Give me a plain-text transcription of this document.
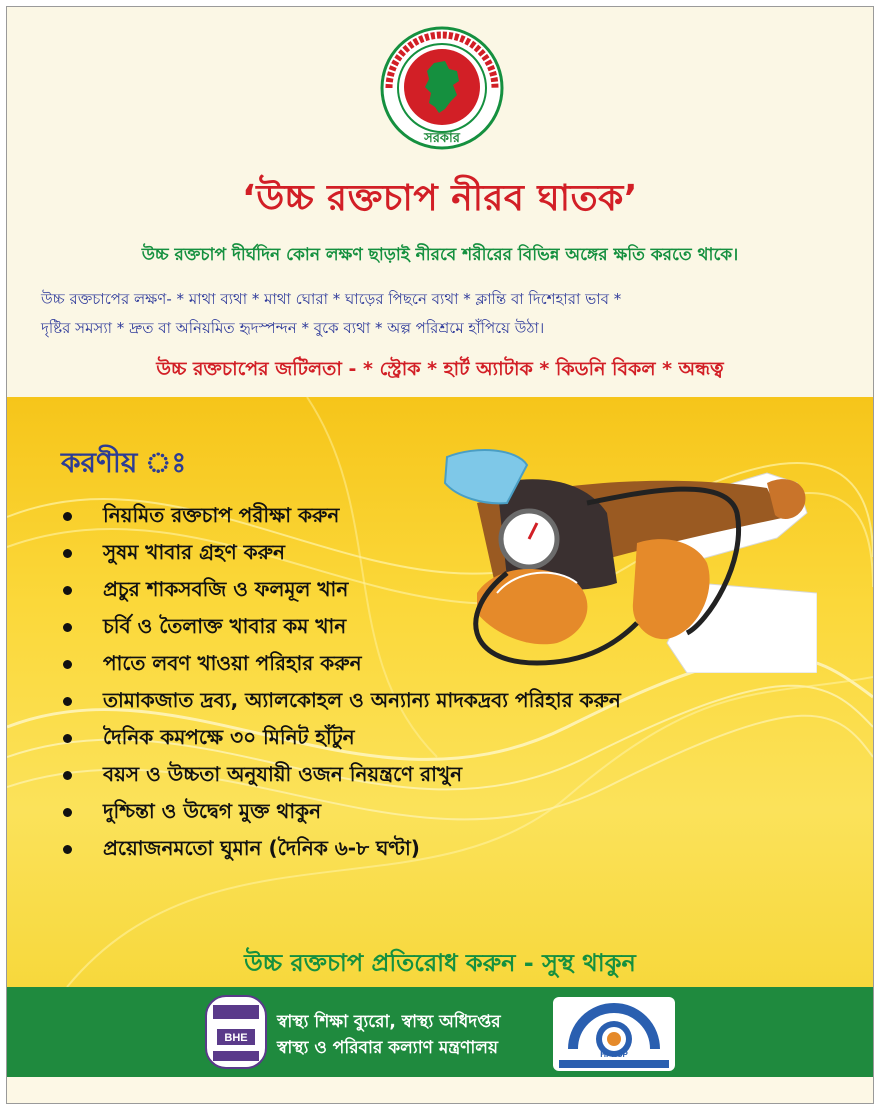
সরকার
‘উচ্চ রক্তচাপ নীরব ঘাতক’
উচ্চ রক্তচাপ দীর্ঘদিন কোন লক্ষণ ছাড়াই নীরবে শরীরের বিভিন্ন অঙ্গের ক্ষতি করতে থাকে।
উচ্চ রক্তচাপের লক্ষণ- * মাথা ব্যথা * মাথা ঘোরা * ঘাড়ের পিছনে ব্যথা * ক্লান্তি বা দিশেহারা ভাব *
দৃষ্টির সমস্যা * দ্রুত বা অনিয়মিত হৃদস্পন্দন * বুকে ব্যথা * অল্প পরিশ্রমে হাঁপিয়ে উঠা।
উচ্চ রক্তচাপের জটিলতা - * স্ট্রোক * হার্ট অ্যাটাক * কিডনি বিকল * অন্ধত্ব
করণীয় ঃ
নিয়মিত রক্তচাপ পরীক্ষা করুন
সুষম খাবার গ্রহণ করুন
প্রচুর শাকসবজি ও ফলমূল খান
চর্বি ও তৈলাক্ত খাবার কম খান
পাতে লবণ খাওয়া পরিহার করুন
তামাকজাত দ্রব্য, অ্যালকোহল ও অন্যান্য মাদকদ্রব্য পরিহার করুন
দৈনিক কমপক্ষে ৩০ মিনিট হাঁটুন
বয়স ও উচ্চতা অনুযায়ী ওজন নিয়ন্ত্রণে রাখুন
দুশ্চিন্তা ও উদ্বেগ মুক্ত থাকুন
প্রয়োজনমতো ঘুমান (দৈনিক ৬-৮ ঘণ্টা)
উচ্চ রক্তচাপ প্রতিরোধ করুন - সুস্থ থাকুন
BHE
স্বাস্থ্য শিক্ষা ব্যুরো, স্বাস্থ্য অধিদপ্তর
স্বাস্থ্য ও পরিবার কল্যাণ মন্ত্রণালয়	HPNSP
